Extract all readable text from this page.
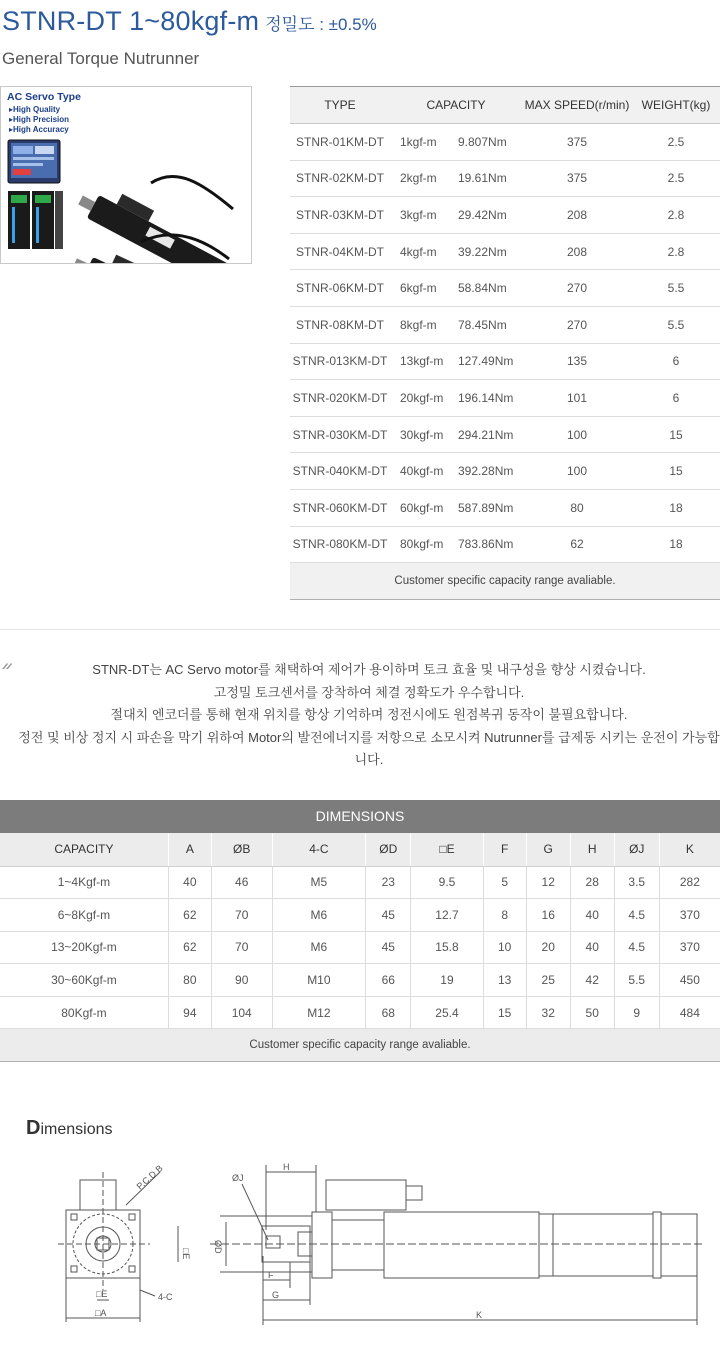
STNR-DT 1~80kgf-m 정밀도 : ±0.5%
General Torque Nutrunner
AC Servo Type
▸ High Quality
▸ High Precision
▸ High Accuracy
TYPE	CAPACITY	MAX SPEED(r/min)	WEIGHT(kg)
STNR-01KM-DT	1kgf-m 9.807Nm	375	2.5
STNR-02KM-DT	2kgf-m 19.61Nm	375	2.5
STNR-03KM-DT	3kgf-m 29.42Nm	208	2.8
STNR-04KM-DT	4kgf-m 39.22Nm	208	2.8
STNR-06KM-DT	6kgf-m 58.84Nm	270	5.5
STNR-08KM-DT	8kgf-m 78.45Nm	270	5.5
STNR-013KM-DT	13kgf-m 127.49Nm	135	6
STNR-020KM-DT	20kgf-m 196.14Nm	101	6
STNR-030KM-DT	30kgf-m 294.21Nm	100	15
STNR-040KM-DT	40kgf-m 392.28Nm	100	15
STNR-060KM-DT	60kgf-m 587.89Nm	80	18
STNR-080KM-DT	80kgf-m 783.86Nm	62	18
Customer specific capacity range avaliable.			
STNR-DT는 AC Servo motor를 채택하여 제어가 용이하며 토크 효율 및 내구성을 향상 시켰습니다.
고정밀 토크센서를 장착하여 체결 정확도가 우수합니다.
절대치 엔코더를 통해 현재 위치를 항상 기억하며 정전시에도 원점복귀 동작이 불필요합니다.
정전 및 비상 정지 시 파손을 막기 위하여 Motor의 발전에너지를 저항으로 소모시켜 Nutrunner를 급제동 시키는 운전이 가능합니다.
DIMENSIONS
CAPACITY	A	ØB	4-C	ØD	□E	F	G	H	ØJ	K
1~4Kgf-m	40	46	M5	23	9.5	5	12	28	3.5	282
6~8Kgf-m	62	70	M6	45	12.7	8	16	40	4.5	370
13~20Kgf-m	62	70	M6	45	15.8	10	20	40	4.5	370
30~60Kgf-m	80	90	M10	66	19	13	25	42	5.5	450
80Kgf-m	94	104	M12	68	25.4	15	32	50	9	484
Customer specific capacity range avaliable.										
Dimensions
P.C.D B
□E
□E
□A
4-C
ØJ
H
ØD
F
G
K
